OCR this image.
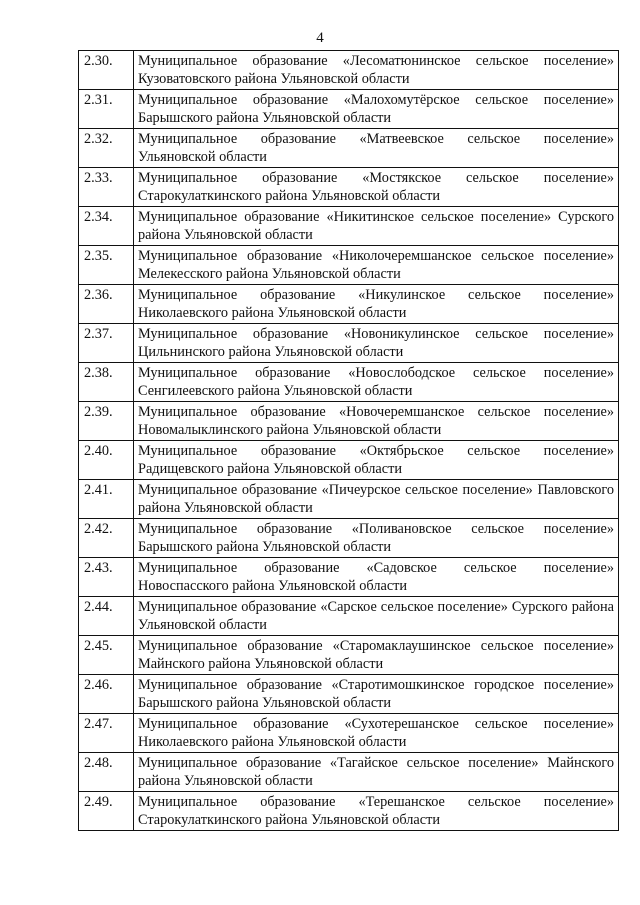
4
2.30.	Муниципальное образование «Лесоматюнинское сельское поселение» Кузоватовского района Ульяновской области
2.31.	Муниципальное образование «Малохомутёрское сельское поселение» Барышского района Ульяновской области
2.32.	Муниципальное образование «Матвеевское сельское поселение» Ульяновской области
2.33.	Муниципальное образование «Мостякское сельское поселение» Старокулаткинского района Ульяновской области
2.34.	Муниципальное образование «Никитинское сельское поселение» Сурского района Ульяновской области
2.35.	Муниципальное образование «Николочеремшанское сельское поселение» Мелекесского района Ульяновской области
2.36.	Муниципальное образование «Никулинское сельское поселение» Николаевского района Ульяновской области
2.37.	Муниципальное образование «Новоникулинское сельское поселение» Цильнинского района Ульяновской области
2.38.	Муниципальное образование «Новослободское сельское поселение» Сенгилеевского района Ульяновской области
2.39.	Муниципальное образование «Новочеремшанское сельское поселение» Новомалыклинского района Ульяновской области
2.40.	Муниципальное образование «Октябрьское сельское поселение» Радищевского района Ульяновской области
2.41.	Муниципальное образование «Пичеурское сельское поселение» Павловского района Ульяновской области
2.42.	Муниципальное образование «Поливановское сельское поселение» Барышского района Ульяновской области
2.43.	Муниципальное образование «Садовское сельское поселение» Новоспасского района Ульяновской области
2.44.	Муниципальное образование «Сарское сельское поселение» Сурского района Ульяновской области
2.45.	Муниципальное образование «Старомаклаушинское сельское поселение» Майнского района Ульяновской области
2.46.	Муниципальное образование «Старотимошкинское городское поселение» Барышского района Ульяновской области
2.47.	Муниципальное образование «Сухотерешанское сельское поселение» Николаевского района Ульяновской области
2.48.	Муниципальное образование «Тагайское сельское поселение» Майнского района Ульяновской области
2.49.	Муниципальное образование «Терешанское сельское поселение» Старокулаткинского района Ульяновской области
